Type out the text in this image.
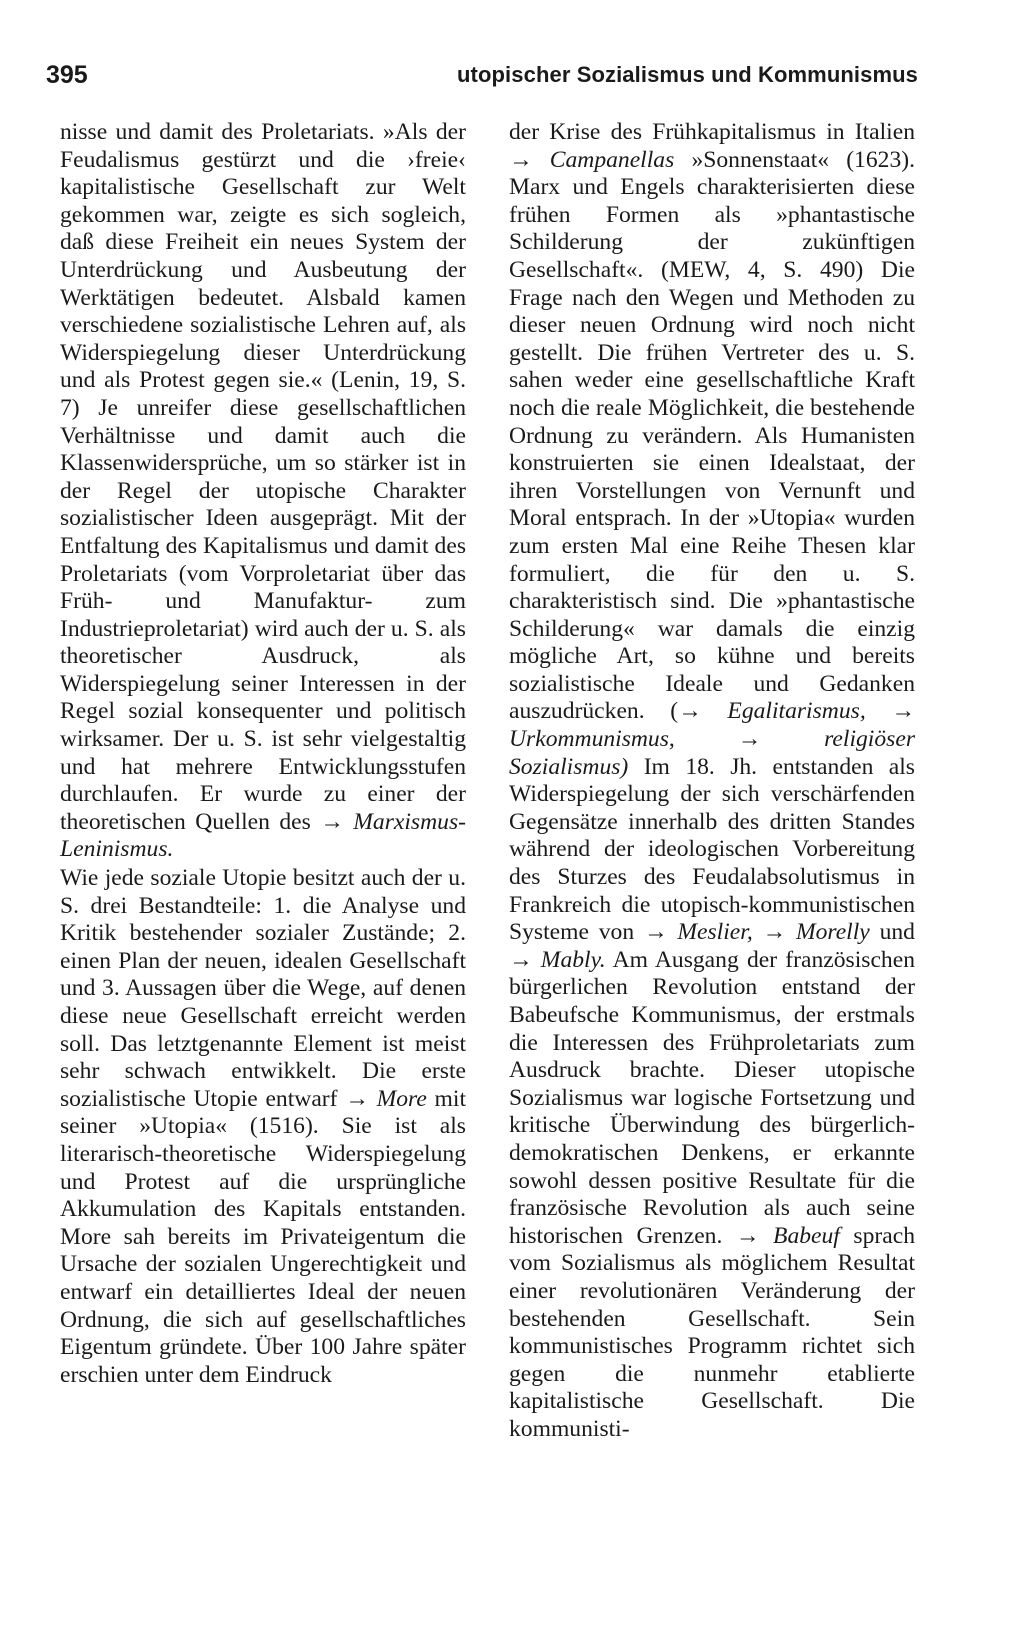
395	utopischer Sozialismus und Kommunismus

nisse und damit des Proletariats. »Als der Feudalismus gestürzt und die ›freie‹ kapitalistische Gesellschaft zur Welt gekommen war, zeigte es sich sogleich, daß diese Freiheit ein neues System der Unterdrückung und Ausbeutung der Werktätigen bedeutet. Alsbald kamen verschiedene sozialistische Lehren auf, als Widerspiegelung dieser Unterdrückung und als Protest gegen sie.« (Lenin, 19, S. 7) Je unreifer diese gesellschaftlichen Verhältnisse und damit auch die Klassenwidersprüche, um so stärker ist in der Regel der utopische Charakter sozialistischer Ideen ausgeprägt. Mit der Entfaltung des Kapitalismus und damit des Proletariats (vom Vorproletariat über das Früh- und Manufaktur- zum Industrieproletariat) wird auch der u. S. als theoretischer Ausdruck, als Widerspiegelung seiner Interessen in der Regel sozial konsequenter und politisch wirksamer. Der u. S. ist sehr vielgestaltig und hat mehrere Entwicklungsstufen durchlaufen. Er wurde zu einer der theoretischen Quellen des → Marxismus-Leninismus.

Wie jede soziale Utopie besitzt auch der u. S. drei Bestandteile: 1. die Analyse und Kritik bestehender sozialer Zustände; 2. einen Plan der neuen, idealen Gesellschaft und 3. Aussagen über die Wege, auf denen diese neue Gesellschaft erreicht werden soll. Das letztgenannte Element ist meist sehr schwach entwikkelt. Die erste sozialistische Utopie entwarf → More mit seiner »Utopia« (1516). Sie ist als literarisch-theoretische Widerspiegelung und Protest auf die ursprüngliche Akkumulation des Kapitals entstanden. More sah bereits im Privateigentum die Ursache der sozialen Ungerechtigkeit und entwarf ein detailliertes Ideal der neuen Ordnung, die sich auf gesellschaftliches Eigentum gründete. Über 100 Jahre später erschien unter dem Eindruck

der Krise des Frühkapitalismus in Italien → Campanellas »Sonnenstaat« (1623). Marx und Engels charakterisierten diese frühen Formen als »phantastische Schilderung der zukünftigen Gesellschaft«. (MEW, 4, S. 490) Die Frage nach den Wegen und Methoden zu dieser neuen Ordnung wird noch nicht gestellt. Die frühen Vertreter des u. S. sahen weder eine gesellschaftliche Kraft noch die reale Möglichkeit, die bestehende Ordnung zu verändern. Als Humanisten konstruierten sie einen Idealstaat, der ihren Vorstellungen von Vernunft und Moral entsprach. In der »Utopia« wurden zum ersten Mal eine Reihe Thesen klar formuliert, die für den u. S. charakteristisch sind. Die »phantastische Schilderung« war damals die einzig mögliche Art, so kühne und bereits sozialistische Ideale und Gedanken auszudrücken. (→ Egalitarismus, → Urkommunismus, → religiöser Sozialismus) Im 18. Jh. entstanden als Widerspiegelung der sich verschärfenden Gegensätze innerhalb des dritten Standes während der ideologischen Vorbereitung des Sturzes des Feudalabsolutismus in Frankreich die utopisch-kommunistischen Systeme von → Meslier, → Morelly und → Mably. Am Ausgang der französischen bürgerlichen Revolution entstand der Babeufsche Kommunismus, der erstmals die Interessen des Frühproletariats zum Ausdruck brachte. Dieser utopische Sozialismus war logische Fortsetzung und kritische Überwindung des bürgerlich-demokratischen Denkens, er erkannte sowohl dessen positive Resultate für die französische Revolution als auch seine historischen Grenzen. → Babeuf sprach vom Sozialismus als möglichem Resultat einer revolutionären Veränderung der bestehenden Gesellschaft. Sein kommunistisches Programm richtet sich gegen die nunmehr etablierte kapitalistische Gesellschaft. Die kommunisti-
